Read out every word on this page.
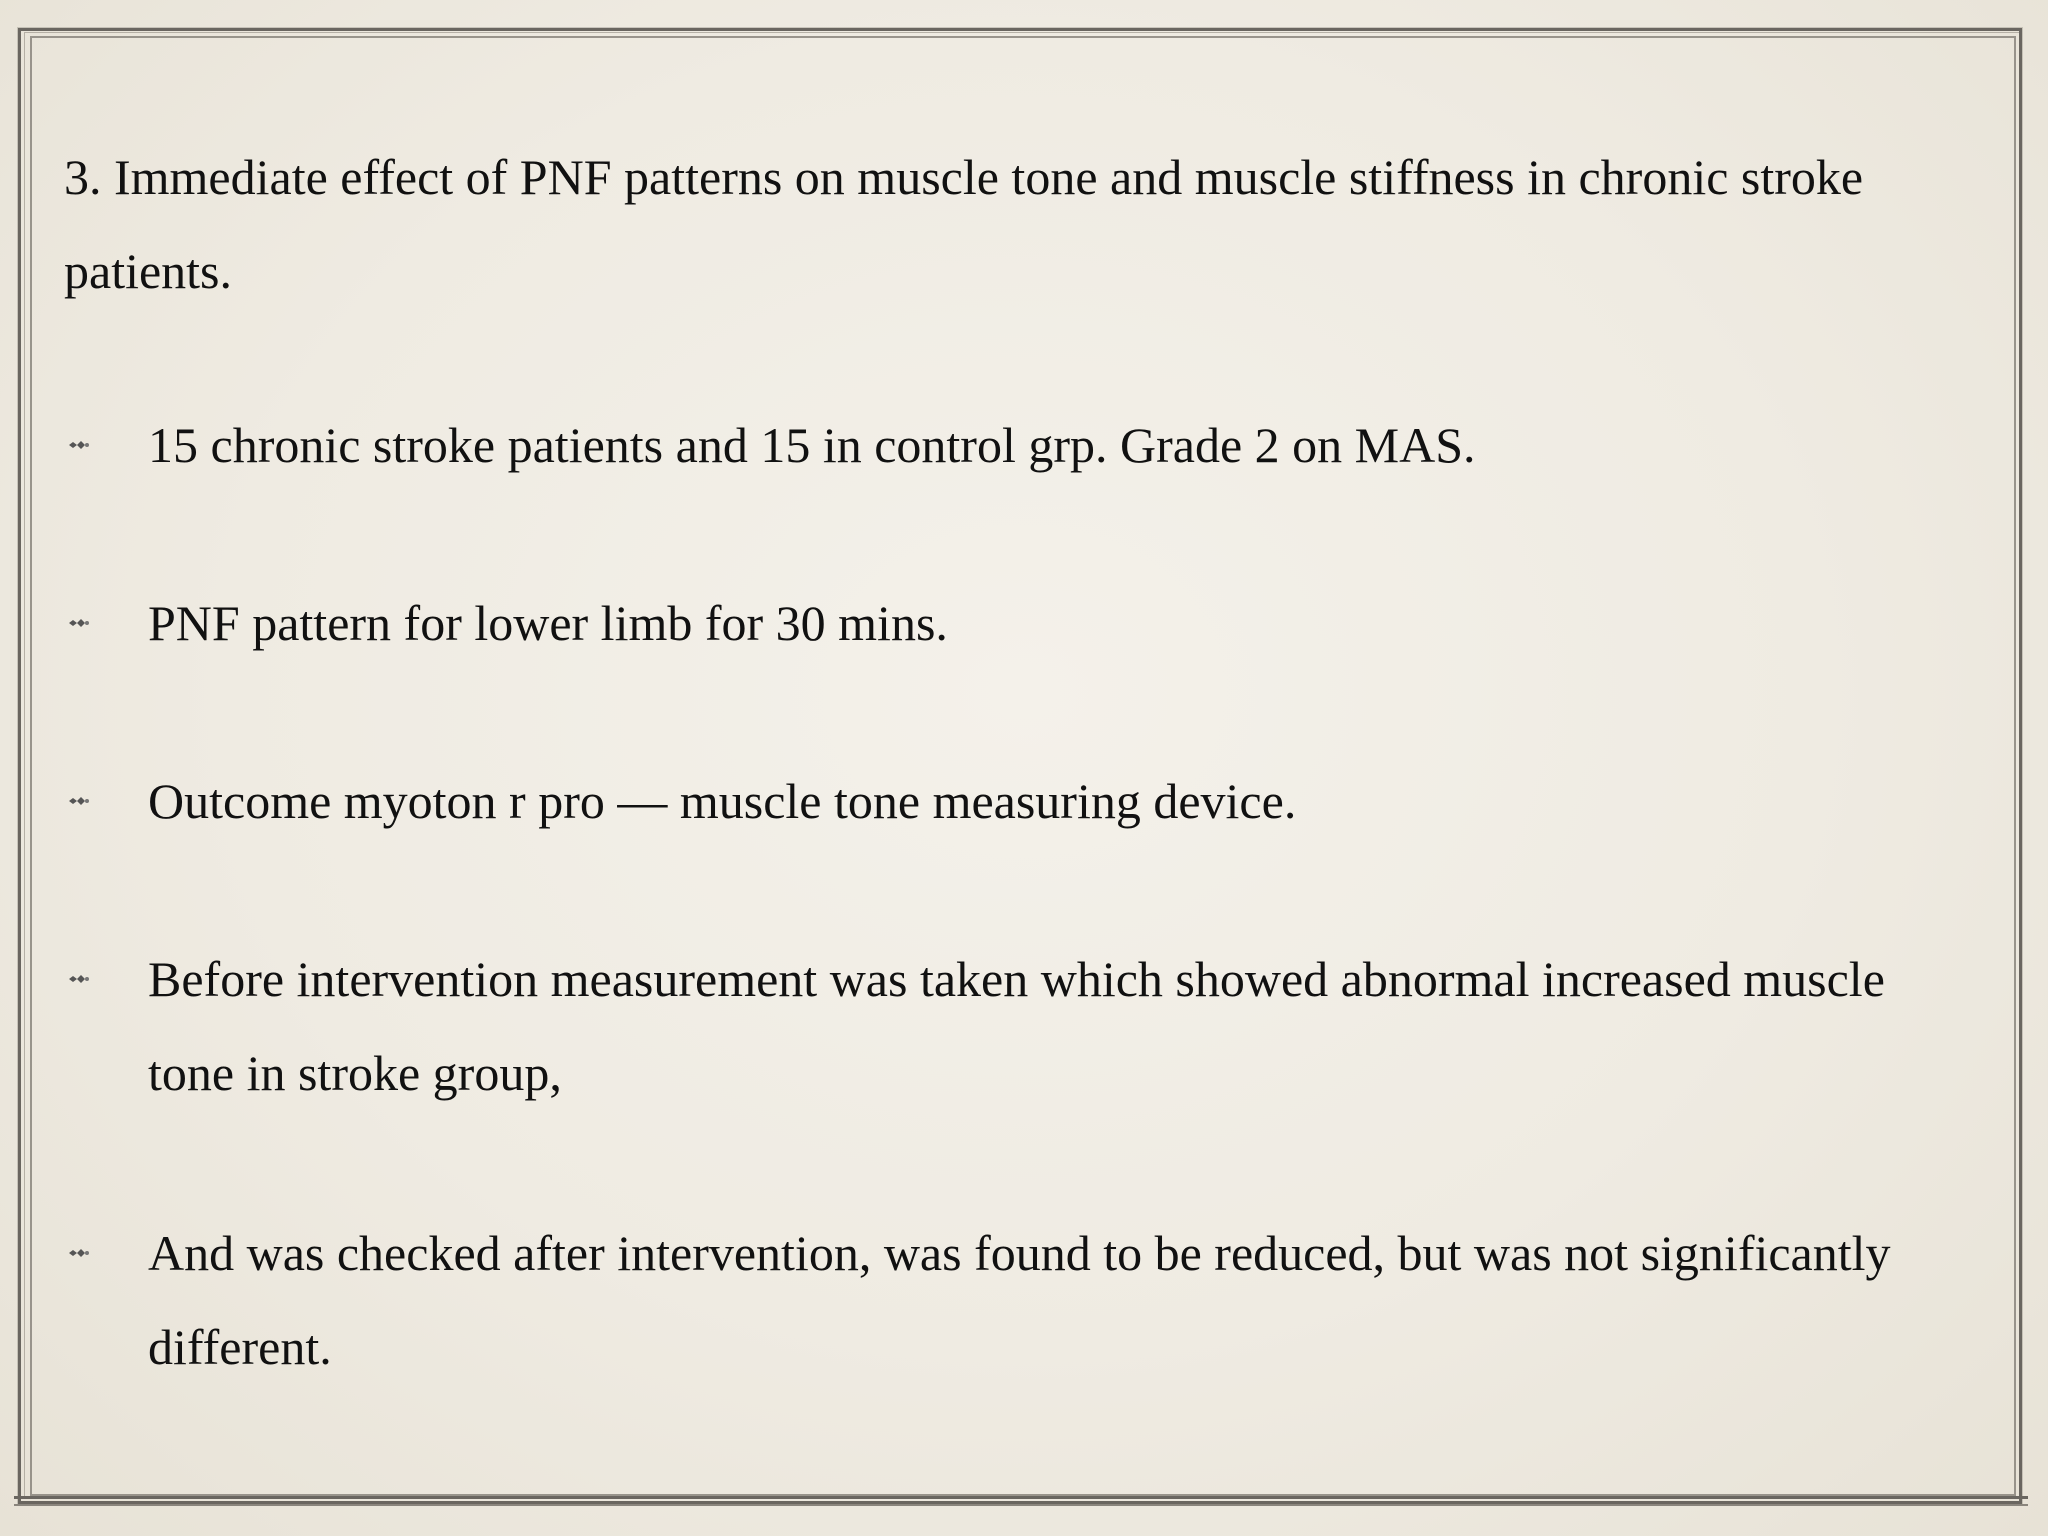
3. Immediate effect of PNF patterns on muscle tone and muscle stiffness in chronic stroke patients.

15 chronic stroke patients and 15 in control grp. Grade 2 on MAS.
PNF pattern for lower limb for 30 mins.
Outcome myoton r pro — muscle tone measuring device.
Before intervention measurement was taken which showed abnormal increased muscle tone in stroke group,
And was checked after intervention, was found to be reduced, but was not significantly different.
